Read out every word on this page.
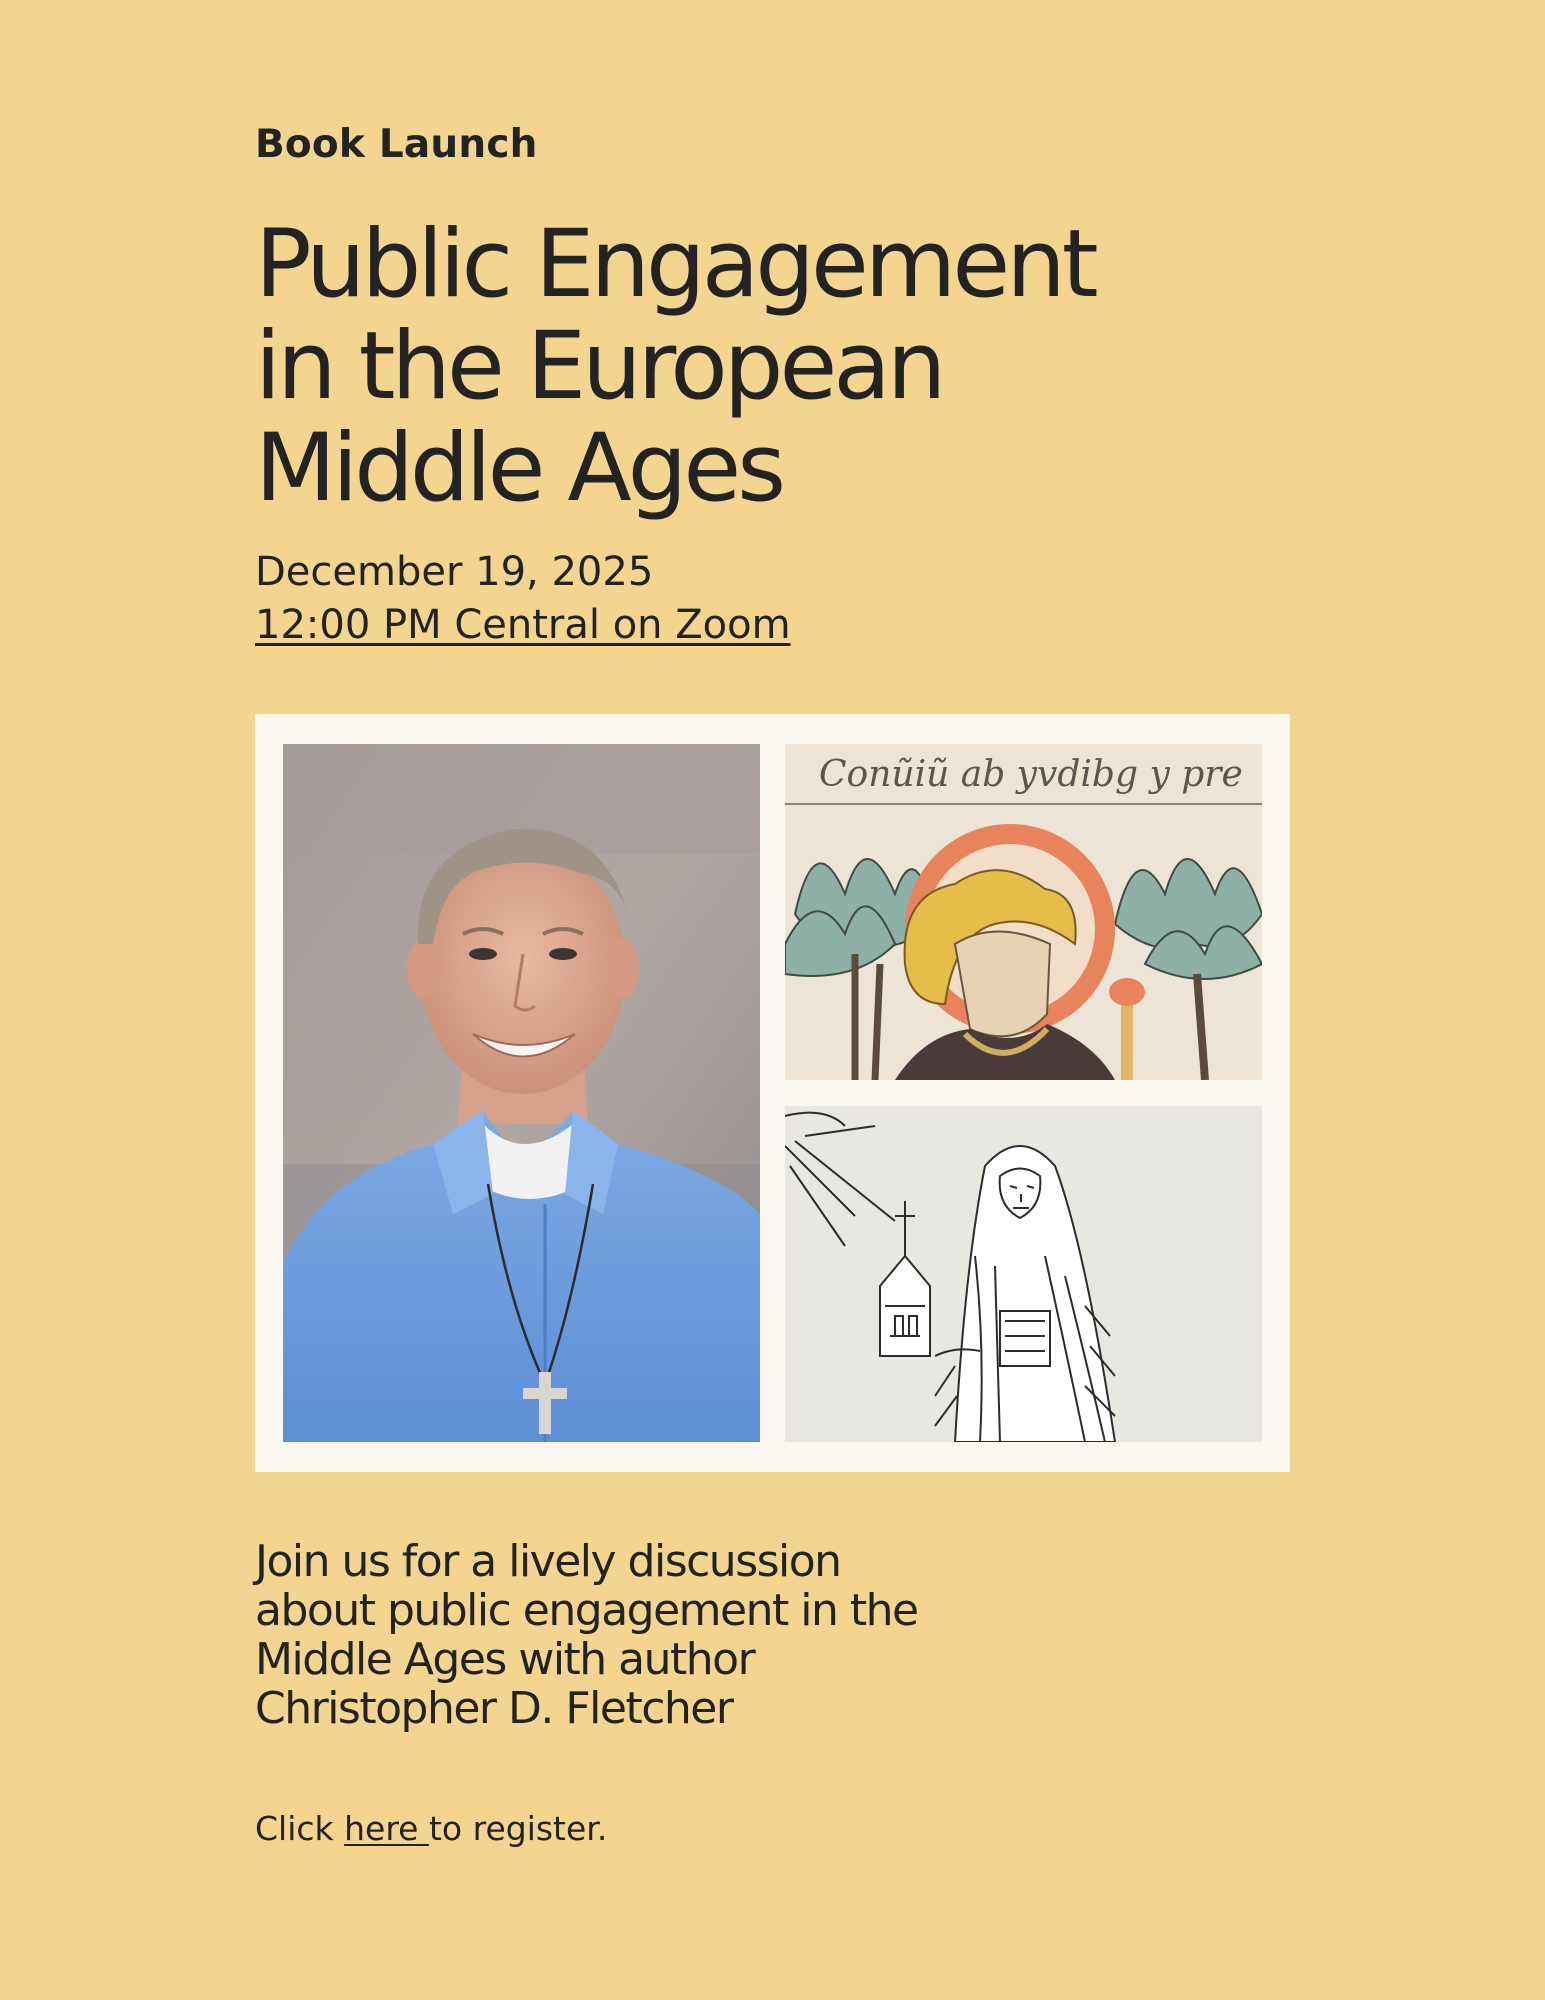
Book Launch
Public Engagement
in the European
Middle Ages
December 19, 2025
12:00 PM Central on Zoom
Conũiũ ab yvdibg y pre

Join us for a lively discussion
about public engagement in the
Middle Ages with author
Christopher D. Fletcher

Click here to register.
